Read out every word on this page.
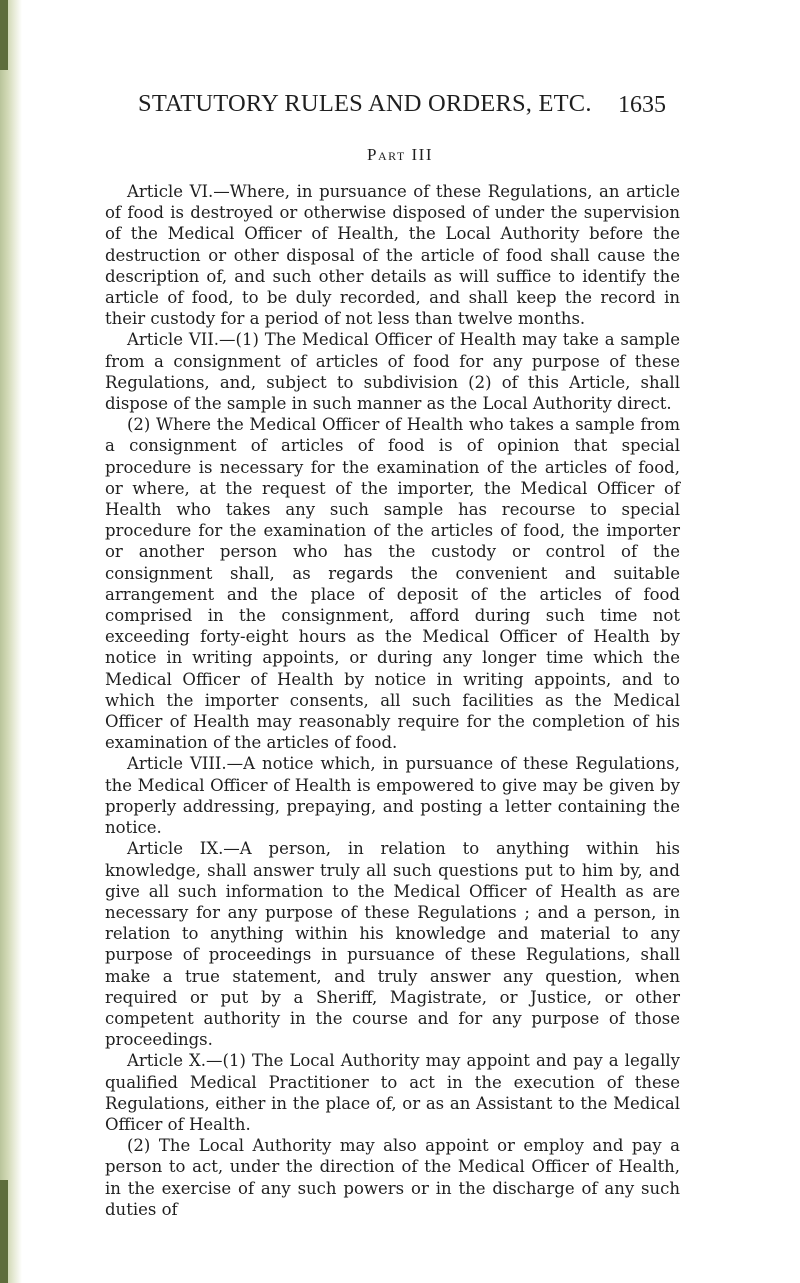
STATUTORY RULES AND ORDERS, ETC. 1635
Part III

Article VI.—Where, in pursuance of these Regulations, an article of food is destroyed or otherwise disposed of under the supervision of the Medical Officer of Health, the Local Authority before the destruction or other disposal of the article of food shall cause the description of, and such other details as will suffice to identify the article of food, to be duly recorded, and shall keep the record in their custody for a period of not less than twelve months.

Article VII.—(1) The Medical Officer of Health may take a sample from a consignment of articles of food for any purpose of these Regulations, and, subject to subdivision (2) of this Article, shall dispose of the sample in such manner as the Local Authority direct.

(2) Where the Medical Officer of Health who takes a sample from a consignment of articles of food is of opinion that special procedure is necessary for the examination of the articles of food, or where, at the request of the importer, the Medical Officer of Health who takes any such sample has recourse to special procedure for the examination of the articles of food, the importer or another person who has the custody or control of the consignment shall, as regards the convenient and suitable arrangement and the place of deposit of the articles of food comprised in the consignment, afford during such time not exceeding forty-eight hours as the Medical Officer of Health by notice in writing appoints, or during any longer time which the Medical Officer of Health by notice in writing appoints, and to which the importer consents, all such facilities as the Medical Officer of Health may reasonably require for the completion of his examination of the articles of food.

Article VIII.—A notice which, in pursuance of these Regulations, the Medical Officer of Health is empowered to give may be given by properly addressing, prepaying, and posting a letter containing the notice.

Article IX.—A person, in relation to anything within his knowledge, shall answer truly all such questions put to him by, and give all such information to the Medical Officer of Health as are necessary for any purpose of these Regulations ; and a person, in relation to anything within his knowledge and material to any purpose of proceedings in pursuance of these Regulations, shall make a true statement, and truly answer any question, when required or put by a Sheriff, Magistrate, or Justice, or other competent authority in the course and for any purpose of those proceedings.

Article X.—(1) The Local Authority may appoint and pay a legally qualified Medical Practitioner to act in the execution of these Regulations, either in the place of, or as an Assistant to the Medical Officer of Health.

(2) The Local Authority may also appoint or employ and pay a person to act, under the direction of the Medical Officer of Health, in the exercise of any such powers or in the discharge of any such duties of
